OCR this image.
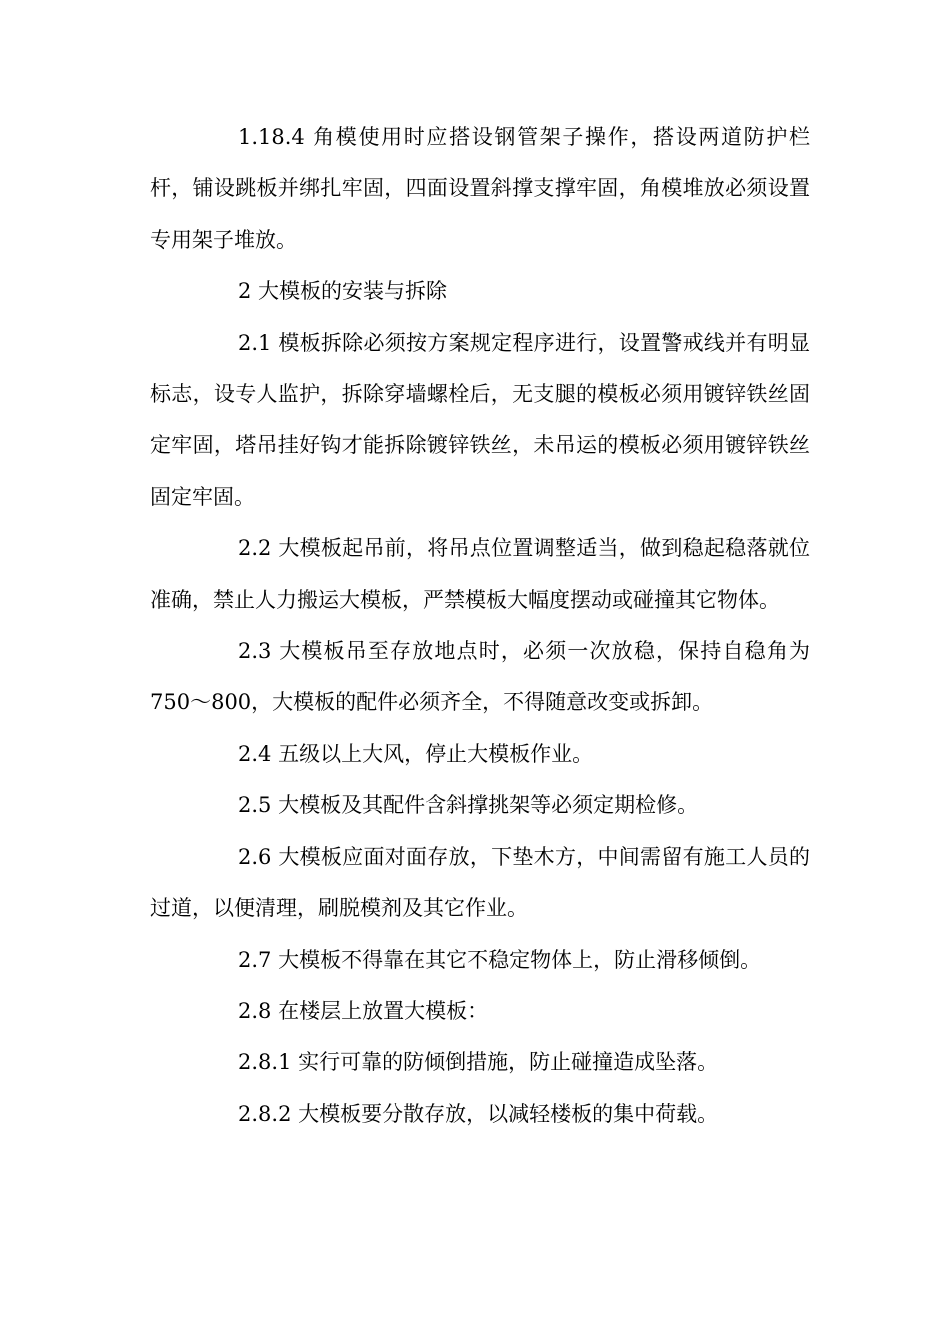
1.18.4 角模使用时应搭设钢管架子操作，搭设两道防护栏杆，铺设跳板并绑扎牢固，四面设置斜撑支撑牢固，角模堆放必须设置专用架子堆放。

2 大模板的安装与拆除

2.1 模板拆除必须按方案规定程序进行，设置警戒线并有明显标志，设专人监护，拆除穿墙螺栓后，无支腿的模板必须用镀锌铁丝固定牢固，塔吊挂好钩才能拆除镀锌铁丝，未吊运的模板必须用镀锌铁丝固定牢固。

2.2 大模板起吊前，将吊点位置调整适当，做到稳起稳落就位准确，禁止人力搬运大模板，严禁模板大幅度摆动或碰撞其它物体。

2.3 大模板吊至存放地点时，必须一次放稳，保持自稳角为 750～800，大模板的配件必须齐全，不得随意改变或拆卸。

2.4 五级以上大风，停止大模板作业。

2.5 大模板及其配件含斜撑挑架等必须定期检修。

2.6 大模板应面对面存放，下垫木方，中间需留有施工人员的过道，以便清理，刷脱模剂及其它作业。

2.7 大模板不得靠在其它不稳定物体上，防止滑移倾倒。

2.8 在楼层上放置大模板：

2.8.1 实行可靠的防倾倒措施，防止碰撞造成坠落。

2.8.2 大模板要分散存放，以减轻楼板的集中荷载。
